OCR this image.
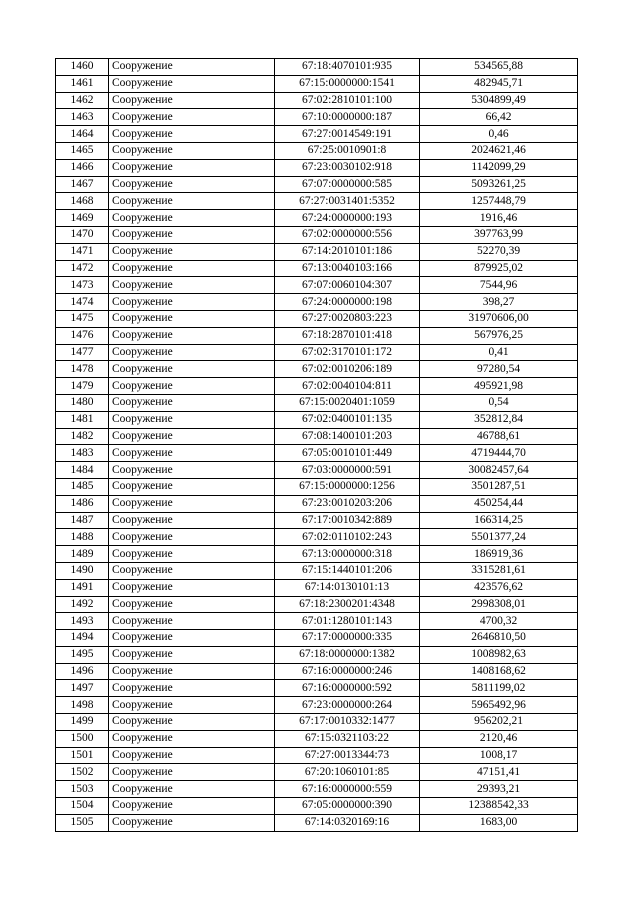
1460	Сооружение	67:18:4070101:935	534565,88
1461	Сооружение	67:15:0000000:1541	482945,71
1462	Сооружение	67:02:2810101:100	5304899,49
1463	Сооружение	67:10:0000000:187	66,42
1464	Сооружение	67:27:0014549:191	0,46
1465	Сооружение	67:25:0010901:8	2024621,46
1466	Сооружение	67:23:0030102:918	1142099,29
1467	Сооружение	67:07:0000000:585	5093261,25
1468	Сооружение	67:27:0031401:5352	1257448,79
1469	Сооружение	67:24:0000000:193	1916,46
1470	Сооружение	67:02:0000000:556	397763,99
1471	Сооружение	67:14:2010101:186	52270,39
1472	Сооружение	67:13:0040103:166	879925,02
1473	Сооружение	67:07:0060104:307	7544,96
1474	Сооружение	67:24:0000000:198	398,27
1475	Сооружение	67:27:0020803:223	31970606,00
1476	Сооружение	67:18:2870101:418	567976,25
1477	Сооружение	67:02:3170101:172	0,41
1478	Сооружение	67:02:0010206:189	97280,54
1479	Сооружение	67:02:0040104:811	495921,98
1480	Сооружение	67:15:0020401:1059	0,54
1481	Сооружение	67:02:0400101:135	352812,84
1482	Сооружение	67:08:1400101:203	46788,61
1483	Сооружение	67:05:0010101:449	4719444,70
1484	Сооружение	67:03:0000000:591	30082457,64
1485	Сооружение	67:15:0000000:1256	3501287,51
1486	Сооружение	67:23:0010203:206	450254,44
1487	Сооружение	67:17:0010342:889	166314,25
1488	Сооружение	67:02:0110102:243	5501377,24
1489	Сооружение	67:13:0000000:318	186919,36
1490	Сооружение	67:15:1440101:206	3315281,61
1491	Сооружение	67:14:0130101:13	423576,62
1492	Сооружение	67:18:2300201:4348	2998308,01
1493	Сооружение	67:01:1280101:143	4700,32
1494	Сооружение	67:17:0000000:335	2646810,50
1495	Сооружение	67:18:0000000:1382	1008982,63
1496	Сооружение	67:16:0000000:246	1408168,62
1497	Сооружение	67:16:0000000:592	5811199,02
1498	Сооружение	67:23:0000000:264	5965492,96
1499	Сооружение	67:17:0010332:1477	956202,21
1500	Сооружение	67:15:0321103:22	2120,46
1501	Сооружение	67:27:0013344:73	1008,17
1502	Сооружение	67:20:1060101:85	47151,41
1503	Сооружение	67:16:0000000:559	29393,21
1504	Сооружение	67:05:0000000:390	12388542,33
1505	Сооружение	67:14:0320169:16	1683,00
